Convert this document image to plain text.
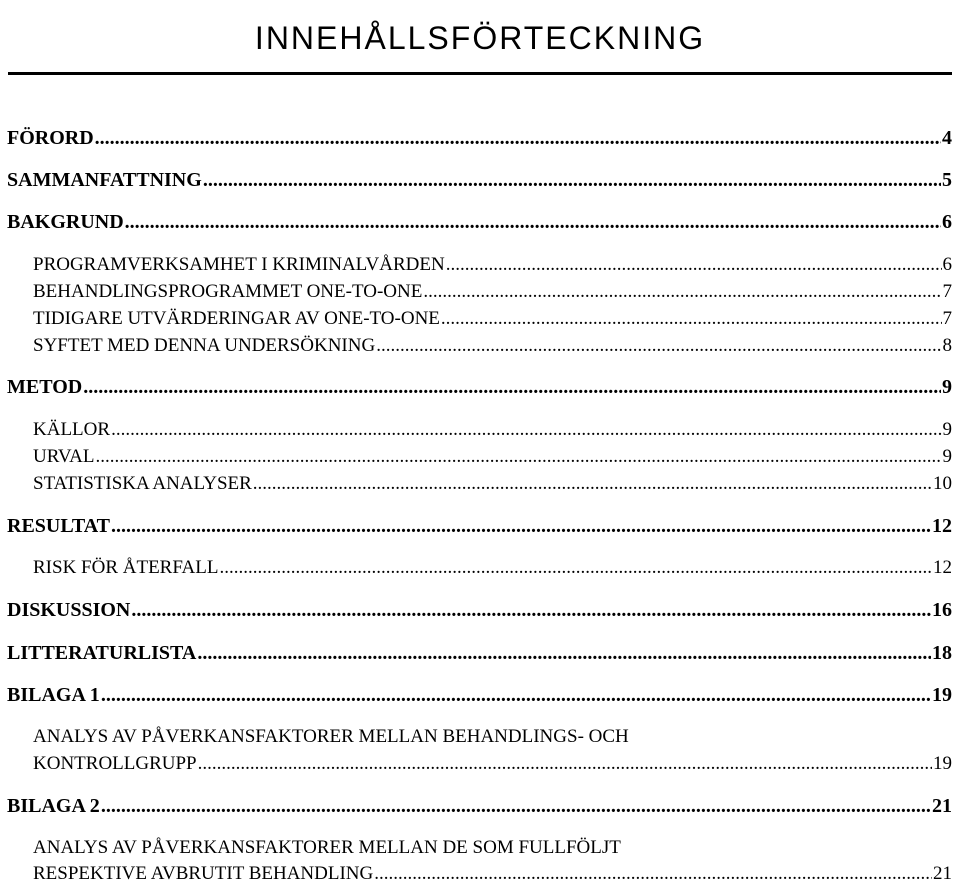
INNEHÅLLSFÖRTECKNING
FÖRORD .....	4
SAMMANFATTNING .....	5
BAKGRUND .....	6
PROGRAMVERKSAMHET I KRIMINALVÅRDEN .....	6
BEHANDLINGSPROGRAMMET ONE-TO-ONE .....	7
TIDIGARE UTVÄRDERINGAR AV ONE-TO-ONE .....	7
SYFTET MED DENNA UNDERSÖKNING .....	8
METOD .....	9
KÄLLOR .....	9
URVAL .....	9
STATISTISKA ANALYSER .....	10
RESULTAT .....	12
RISK FÖR ÅTERFALL .....	12
DISKUSSION .....	16
LITTERATURLISTA .....	18
BILAGA 1 .....	19
ANALYS AV PÅVERKANSFAKTORER MELLAN BEHANDLINGS- OCH
KONTROLLGRUPP .....	19
BILAGA 2 .....	21
ANALYS AV PÅVERKANSFAKTORER MELLAN DE SOM FULLFÖLJT
RESPEKTIVE AVBRUTIT BEHANDLING .....	21
